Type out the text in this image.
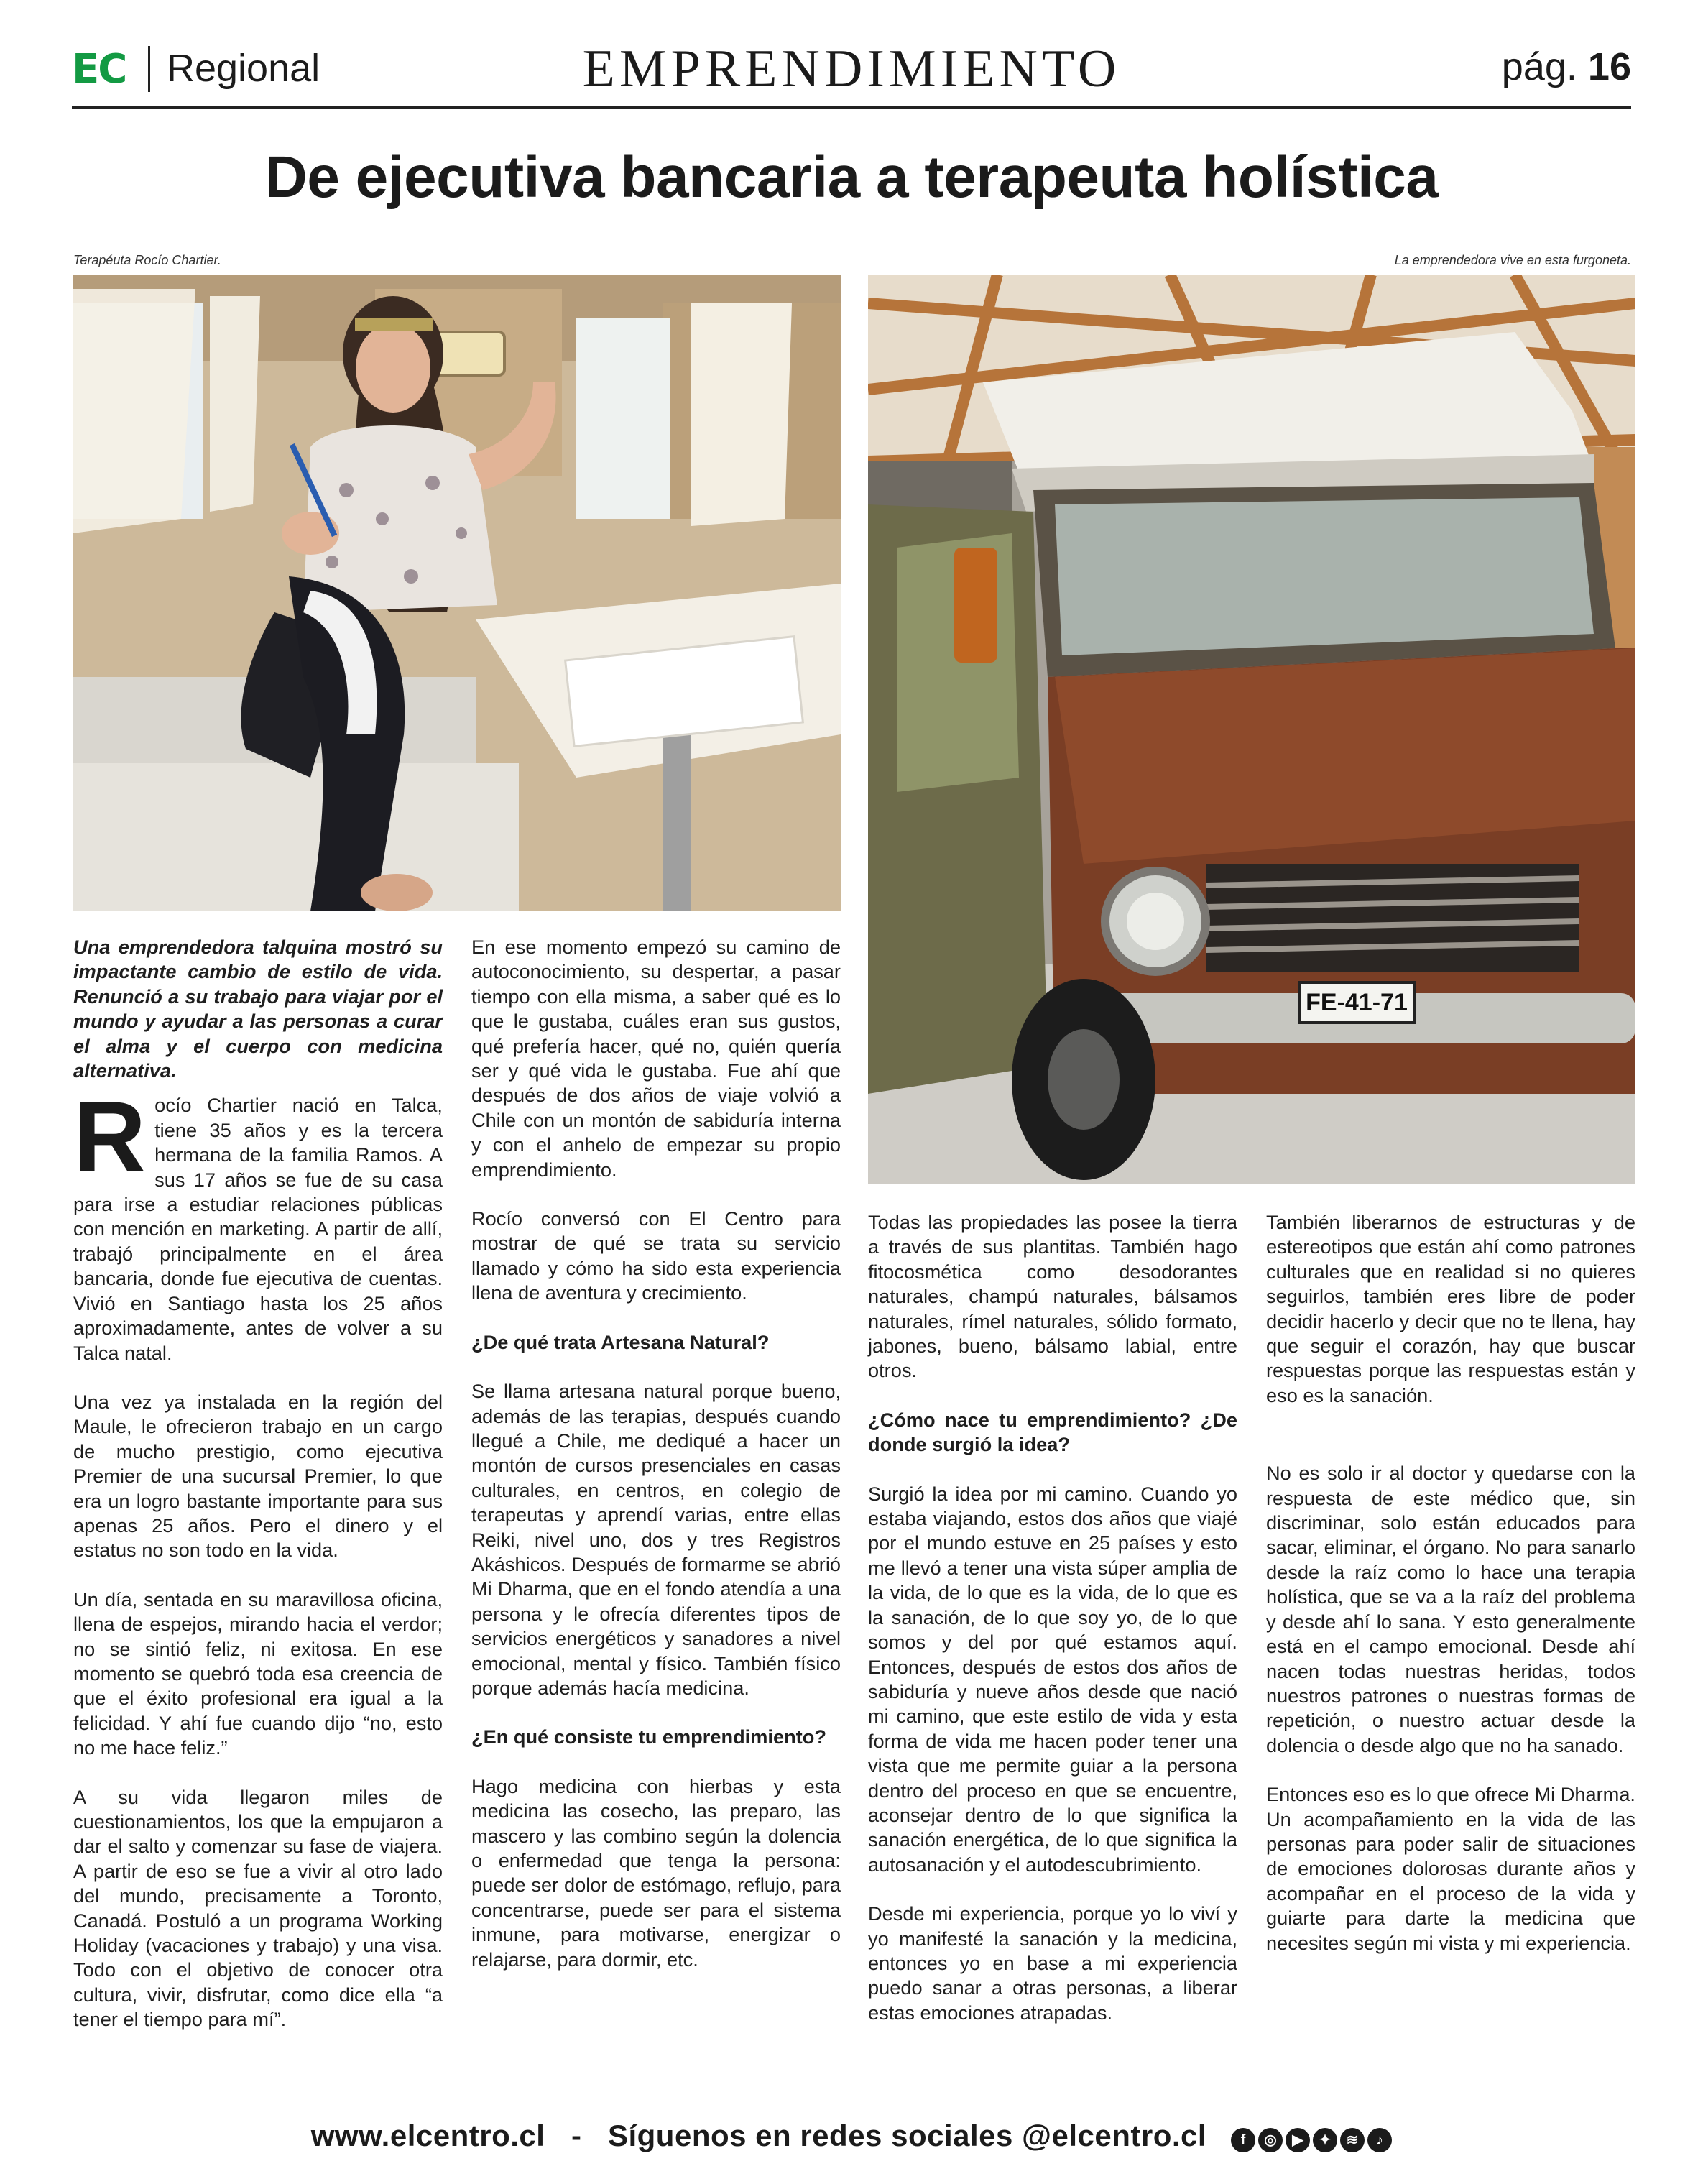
EC Regional	EMPRENDIMIENTO	pág. 16
De ejecutiva bancaria a terapeuta holística
Terapéuta Rocío Chartier.	La emprendedora vive en esta furgoneta.
FE-41-71

Una emprendedora talquina mostró su impactante cambio de estilo de vida. Renunció a su trabajo para viajar por el mundo y ayudar a las personas a curar el alma y el cuerpo con medicina alternativa.

Rocío Chartier nació en Talca, tiene 35 años y es la tercera hermana de la familia Ramos. A sus 17 años se fue de su casa para irse a estudiar relaciones públicas con mención en marketing. A partir de allí, trabajó principalmente en el área bancaria, donde fue ejecutiva de cuentas. Vivió en Santiago hasta los 25 años aproximadamente, antes de volver a su Talca natal.

Una vez ya instalada en la región del Maule, le ofrecieron trabajo en un cargo de mucho prestigio, como ejecutiva Premier de una sucursal Premier, lo que era un logro bastante importante para sus apenas 25 años. Pero el dinero y el estatus no son todo en la vida.

Un día, sentada en su maravillosa oficina, llena de espejos, mirando hacia el verdor; no se sintió feliz, ni exitosa. En ese momento se quebró toda esa creencia de que el éxito profesional era igual a la felicidad. Y ahí fue cuando dijo “no, esto no me hace feliz.”

A su vida llegaron miles de cuestionamientos, los que la empujaron a dar el salto y comenzar su fase de viajera. A partir de eso se fue a vivir al otro lado del mundo, precisamente a Toronto, Canadá. Postuló a un programa Working Holiday (vacaciones y trabajo) y una visa. Todo con el objetivo de conocer otra cultura, vivir, disfrutar, como dice ella “a tener el tiempo para mí”.

En ese momento empezó su camino de autoconocimiento, su despertar, a pasar tiempo con ella misma, a saber qué es lo que le gustaba, cuáles eran sus gustos, qué prefería hacer, qué no, quién quería ser y qué vida le gustaba. Fue ahí que después de dos años de viaje volvió a Chile con un montón de sabiduría interna y con el anhelo de empezar su propio emprendimiento.

Rocío conversó con El Centro para mostrar de qué se trata su servicio llamado y cómo ha sido esta experiencia llena de aventura y crecimiento.

¿De qué trata Artesana Natural?

Se llama artesana natural porque bueno, además de las terapias, después cuando llegué a Chile, me dediqué a hacer un montón de cursos presenciales en casas culturales, en centros, en colegio de terapeutas y aprendí varias, entre ellas Reiki, nivel uno, dos y tres Registros Akáshicos. Después de formarme se abrió Mi Dharma, que en el fondo atendía a una persona y le ofrecía diferentes tipos de servicios energéticos y sanadores a nivel emocional, mental y físico. También físico porque además hacía medicina.

¿En qué consiste tu emprendimiento?

Hago medicina con hierbas y esta medicina las cosecho, las preparo, las mascero y las combino según la dolencia o enfermedad que tenga la persona: puede ser dolor de estómago, reflujo, para concentrarse, puede ser para el sistema inmune, para motivarse, energizar o relajarse, para dormir, etc.

Todas las propiedades las posee la tierra a través de sus plantitas. También hago fitocosmética como desodorantes naturales, champú naturales, bálsamos naturales, rímel naturales, sólido formato, jabones, bueno, bálsamo labial, entre otros.

¿Cómo nace tu emprendimiento? ¿De donde surgió la idea?

Surgió la idea por mi camino. Cuando yo estaba viajando, estos dos años que viajé por el mundo estuve en 25 países y esto me llevó a tener una vista súper amplia de la vida, de lo que es la vida, de lo que es la sanación, de lo que soy yo, de lo que somos y del por qué estamos aquí. Entonces, después de estos dos años de sabiduría y nueve años desde que nació mi camino, que este estilo de vida y esta forma de vida me hacen poder tener una vista que me permite guiar a la persona dentro del proceso en que se encuentre, aconsejar dentro de lo que significa la sanación energética, de lo que significa la autosanación y el autodescubrimiento.

Desde mi experiencia, porque yo lo viví y yo manifesté la sanación y la medicina, entonces yo en base a mi experiencia puedo sanar a otras personas, a liberar estas emociones atrapadas.

También liberarnos de estructuras y de estereotipos que están ahí como patrones culturales que en realidad si no quieres seguirlos, también eres libre de poder decidir hacerlo y decir que no te llena, hay que seguir el corazón, hay que buscar respuestas porque las respuestas están y eso es la sanación.

No es solo ir al doctor y quedarse con la respuesta de este médico que, sin discriminar, solo están educados para sacar, eliminar, el órgano. No para sanarlo desde la raíz como lo hace una terapia holística, que se va a la raíz del problema y desde ahí lo sana. Y esto generalmente está en el campo emocional. Desde ahí nacen todas nuestras heridas, todos nuestros patrones o nuestras formas de repetición, o nuestro actuar desde la dolencia o desde algo que no ha sanado.

Entonces eso es lo que ofrece Mi Dharma. Un acompañamiento en la vida de las personas para poder salir de situaciones de emociones dolorosas durante años y acompañar en el proceso de la vida y guiarte para darte la medicina que necesites según mi vista y mi experiencia.

www.elcentro.cl - Síguenos en redes sociales @elcentro.cl f ◎ ▶ ✦ ≋ ♪
